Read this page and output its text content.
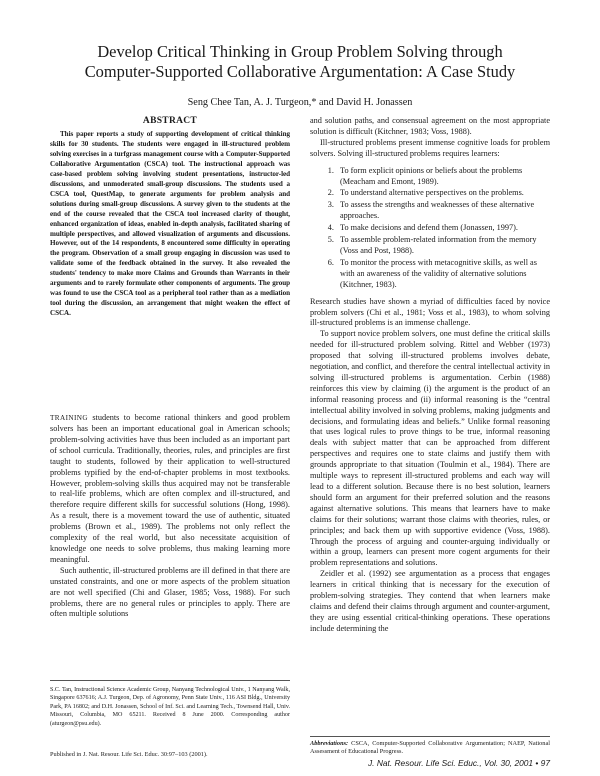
Develop Critical Thinking in Group Problem Solving through
Computer-Supported Collaborative Argumentation: A Case Study
Seng Chee Tan, A. J. Turgeon,* and David H. Jonassen
ABSTRACT

This paper reports a study of supporting development of critical thinking skills for 30 students. The students were engaged in ill-structured problem solving exercises in a turfgrass management course with a Computer-Supported Collaborative Argumentation (CSCA) tool. The instructional approach was case-based problem solving involving student presentations, instructor-led discussions, and unmoderated small-group discussions. The students used a CSCA tool, QuestMap, to generate arguments for problem analysis and solutions during small-group discussions. A survey given to the students at the end of the course revealed that the CSCA tool increased clarity of thought, enhanced organization of ideas, enabled in-depth analysis, facilitated sharing of multiple perspectives, and allowed visualization of arguments and discussions. However, out of the 14 respondents, 8 encountered some difficulty in operating the program. Observation of a small group engaging in discussion was used to validate some of the feedback obtained in the survey. It also revealed the students' tendency to make more Claims and Grounds than Warrants in their arguments and to rarely formulate other components of arguments. The group was found to use the CSCA tool as a peripheral tool rather than as a mediation tool during the discussion, an arrangement that might weaken the effect of CSCA.

TRAINING students to become rational thinkers and good problem solvers has been an important educational goal in American schools; problem-solving activities have thus been included as an important part of school curricula. Traditionally, theories, rules, and principles are first taught to students, followed by their application to well-structured problems typified by the end-of-chapter problems in most textbooks. However, problem-solving skills thus acquired may not be transferable to real-life problems, which are often complex and ill-structured, and therefore require different skills for successful solutions (Hong, 1998). As a result, there is a movement toward the use of authentic, situated problems (Brown et al., 1989). The problems not only reflect the complexity of the real world, but also necessitate acquisition of knowledge one needs to solve problems, thus making learning more meaningful.

Such authentic, ill-structured problems are ill defined in that there are unstated constraints, and one or more aspects of the problem situation are not well specified (Chi and Glaser, 1985; Voss, 1988). For such problems, there are no general rules or principles to apply. There are often multiple solutions

S.C. Tan, Instructional Science Academic Group, Nanyang Technological Univ., 1 Nanyang Walk, Singapore 637616; A.J. Turgeon, Dep. of Agronomy, Penn State Univ., 116 ASI Bldg., University Park, PA 16802; and D.H. Jonassen, School of Inf. Sci. and Learning Tech., Townsend Hall, Univ. Missouri, Columbia, MO 65211. Received 8 June 2000. Corresponding author (aturgeon@psu.edu).
Published in J. Nat. Resour. Life Sci. Educ. 30:97–103 (2001).

and solution paths, and consensual agreement on the most appropriate solution is difficult (Kitchner, 1983; Voss, 1988).

Ill-structured problems present immense cognitive loads for problem solvers. Solving ill-structured problems requires learners:

1. To form explicit opinions or beliefs about the problems (Meacham and Emont, 1989).
2. To understand alternative perspectives on the problems.
3. To assess the strengths and weaknesses of these alternative approaches.
4. To make decisions and defend them (Jonassen, 1997).
5. To assemble problem-related information from the memory (Voss and Post, 1988).
6. To monitor the process with metacognitive skills, as well as with an awareness of the validity of alternative solutions (Kitchner, 1983).

Research studies have shown a myriad of difficulties faced by novice problem solvers (Chi et al., 1981; Voss et al., 1983), to whom solving ill-structured problems is an immense challenge.

To support novice problem solvers, one must define the critical skills needed for ill-structured problem solving. Rittel and Webber (1973) proposed that solving ill-structured problems involves debate, negotiation, and conflict, and therefore the central intellectual activity in solving ill-structured problems is argumentation. Cerbin (1988) reinforces this view by claiming (i) the argument is the product of an informal reasoning process and (ii) informal reasoning is the “central intellectual ability involved in solving problems, making judgments and decisions, and formulating ideas and beliefs.” Unlike formal reasoning that uses logical rules to prove things to be true, informal reasoning deals with subject matter that can be approached from different perspectives and requires one to state claims and justify them with grounds appropriate to that situation (Toulmin et al., 1984). There are multiple ways to represent ill-structured problems and each way will lead to a different solution. Because there is no best solution, learners should form an argument for their preferred solution and the reasons against alternative solutions. This means that learners have to make claims for their solutions; warrant those claims with theories, rules, or principles; and back them up with supportive evidence (Voss, 1988). Through the process of arguing and counter-arguing individually or within a group, learners can present more cogent arguments for their problem representations and solutions.

Zeidler et al. (1992) see argumentation as a process that engages learners in critical thinking that is necessary for the execution of problem-solving strategies. They contend that when learners make claims and defend their claims through argument and counter-argument, they are using essential critical-thinking operations. These operations include determining the

Abbreviations: CSCA, Computer-Supported Collaborative Argumentation; NAEP, National Assessment of Educational Progress.
J. Nat. Resour. Life Sci. Educ., Vol. 30, 2001 • 97
